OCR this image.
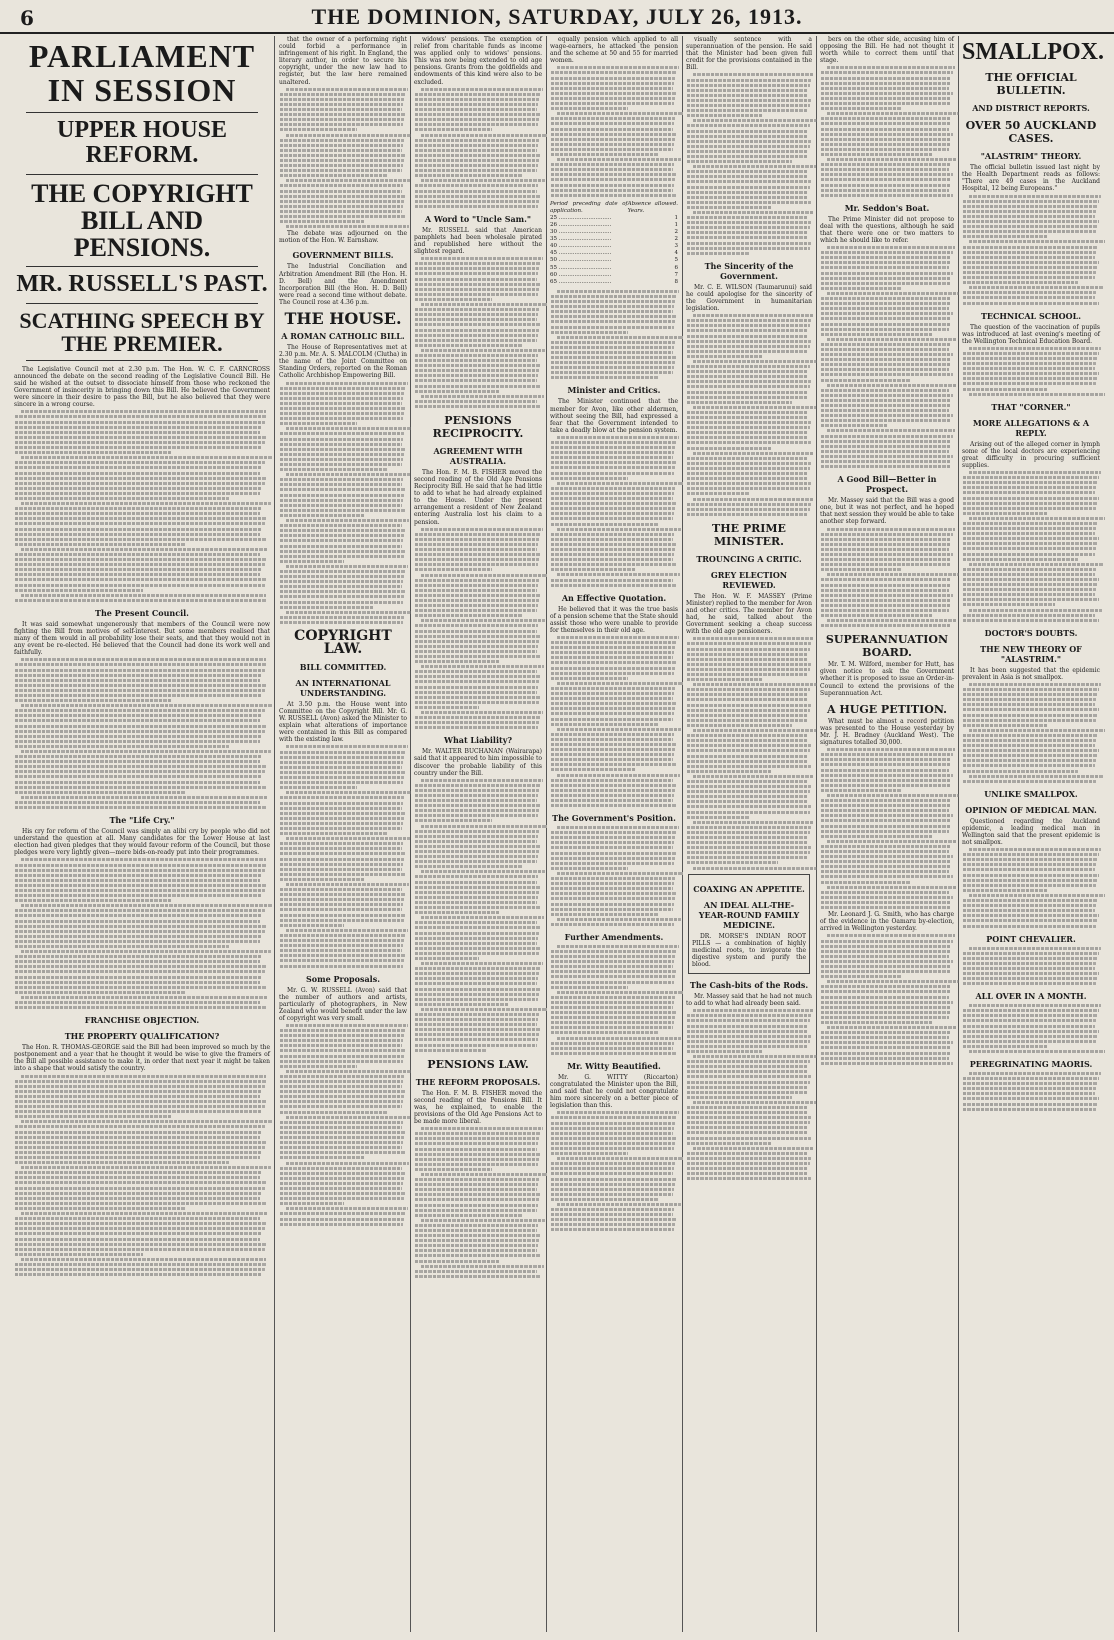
6	THE DOMINION, SATURDAY, JULY 26, 1913.
PARLIAMENT IN SESSION
UPPER HOUSE REFORM.
THE COPYRIGHT BILL AND PENSIONS.
MR. RUSSELL'S PAST.
SCATHING SPEECH BY THE PREMIER.

The Legislative Council met at 2.30 p.m. The Hon. W. C. F. CARNCROSS announced the debate on the second reading of the Legislative Council Bill. He said he wished at the outset to dissociate himself from those who reckoned the Government of insincerity in bringing down this Bill. He believed the Government were sincere in their desire to pass the Bill, but he also believed that they were sincere in a wrong course.

The Present Council.

It was said somewhat ungenerously that members of the Council were now fighting the Bill from motives of self-interest. But some members realised that many of them would in all probability lose their seats, and that they would not in any event be re-elected. He believed that the Council had done its work well and faithfully.

The "Life Cry."

His cry for reform of the Council was simply an alibi cry by people who did not understand the question at all. Many candidates for the Lower House at last election had given pledges that they would favour reform of the Council, but those pledges were very lightly given—mere bids-on-ready put into their programmes.

FRANCHISE OBJECTION.
THE PROPERTY QUALIFICATION?

The Hon. R. THOMAS-GEORGE said the Bill had been improved so much by the postponement and a year that he thought it would be wise to give the framers of the Bill all possible assistance to make it, in order that next year it might be taken into a shape that would satisfy the country.

that the owner of a performing right could forbid a performance in infringement of his right. In England, the literary author, in order to secure his copyright, under the new law had to register, but the law here remained unaltered.

The debate was adjourned on the motion of the Hon. W. Earnshaw.

GOVERNMENT BILLS.

The Industrial Conciliation and Arbitration Amendment Bill (the Hon. H. D. Bell) and the Amendment Incorporation Bill (the Hon. H. D. Bell) were read a second time without debate. The Council rose at 4.36 p.m.

THE HOUSE.
A ROMAN CATHOLIC BILL.

The House of Representatives met at 2.30 p.m. Mr. A. S. MALCOLM (Clutha) in the name of the Joint Committee on Standing Orders, reported on the Roman Catholic Archbishop Empowering Bill.

COPYRIGHT LAW.
BILL COMMITTED.
AN INTERNATIONAL UNDERSTANDING.

At 3.50 p.m. the House went into Committee on the Copyright Bill. Mr. G. W. RUSSELL (Avon) asked the Minister to explain what alterations of importance were contained in this Bill as compared with the existing law.

Some Proposals.

Mr. G. W. RUSSELL (Avon) said that the number of authors and artists, particularly of photographers, in New Zealand who would benefit under the law of copyright was very small.

widows' pensions. The exemption of relief from charitable funds as income was applied only to widows' pensions. This was now being extended to old age pensions. Grants from the goldfields and endowments of this kind were also to be excluded.

A Word to "Uncle Sam."

Mr. RUSSELL said that American pamphlets had been wholesale pirated and republished here without the slightest regard.

PENSIONS RECIPROCITY.
AGREEMENT WITH AUSTRALIA.

The Hon. F. M. B. FISHER moved the second reading of the Old Age Pensions Reciprocity Bill. He said that he had little to add to what he had already explained to the House. Under the present arrangement a resident of New Zealand entering Australia lost his claim to a pension.

What Liability?

Mr. WALTER BUCHANAN (Wairarapa) said that it appeared to him impossible to discover the probable liability of this country under the Bill.

PENSIONS LAW.
THE REFORM PROPOSALS.

The Hon. F. M. B. FISHER moved the second reading of the Pensions Bill. It was, he explained, to enable the provisions of the Old Age Pensions Act to be made more liberal.

equally pension which applied to all wage-earners, he attacked the pension and the scheme at 50 and 55 for married women.

Period preceding date of application.
Absence allowed. Years.
25 ..............................	1
26 ..............................	1
30 ..............................	2
35 ..............................	2
40 ..............................	3
45 ..............................	4
50 ..............................	5
55 ..............................	6
60 ..............................	7
65 ..............................	8
Minister and Critics.

The Minister continued that the member for Avon, like other aldermen, without seeing the Bill, had expressed a fear that the Government intended to take a deadly blow at the pension system.

An Effective Quotation.

He believed that it was the true basis of a pension scheme that the State should assist those who were unable to provide for themselves in their old age.

The Government's Position.
Further Amendments.
Mr. Witty Beautified.

Mr. G. WITTY (Riccarton) congratulated the Minister upon the Bill, and said that he could not congratulate him more sincerely on a better piece of legislation than this.

visually sentence with a superannuation of the pension. He said that the Minister had been given full credit for the provisions contained in the Bill.

The Sincerity of the Government.

Mr. C. E. WILSON (Taumarunui) said he could apologise for the sincerity of the Government in humanitarian legislation.

THE PRIME MINISTER.
TROUNCING A CRITIC.
GREY ELECTION REVIEWED.

The Hon. W. F. MASSEY (Prime Minister) replied to the member for Avon and other critics. The member for Avon had, he said, talked about the Government seeking a cheap success with the old age pensioners.

COAXING AN APPETITE.
AN IDEAL ALL-THE-YEAR-ROUND FAMILY MEDICINE.

DR. MORSE'S INDIAN ROOT PILLS — a combination of highly medicinal roots, to invigorate the digestive system and purify the blood.

The Cash-bits of the Rods.

Mr. Massey said that he had not much to add to what had already been said.

bers on the other side, accusing him of opposing the Bill. He had not thought it worth while to correct them until that stage.

Mr. Seddon's Boat.

The Prime Minister did not propose to deal with the questions, although he said that there were one or two matters to which he should like to refer.

A Good Bill—Better in Prospect.

Mr. Massey said that the Bill was a good one, but it was not perfect, and he hoped that next session they would be able to take another step forward.

SUPERANNUATION BOARD.

Mr. T. M. Wilford, member for Hutt, has given notice to ask the Government whether it is proposed to issue an Order-in-Council to extend the provisions of the Superannuation Act.

A HUGE PETITION.

What must be almost a record petition was presented to the House yesterday by Mr. J. H. Bradney (Auckland West). The signatures totalled 30,000.

Mr. Leonard J. G. Smith, who has charge of the evidence in the Oamaru by-election, arrived in Wellington yesterday.

SMALLPOX.
THE OFFICIAL BULLETIN.
AND DISTRICT REPORTS.
OVER 50 AUCKLAND CASES.
"ALASTRIM" THEORY.

The official bulletin issued last night by the Health Department reads as follows: "There are 49 cases in the Auckland Hospital, 12 being Europeans."

TECHNICAL SCHOOL.

The question of the vaccination of pupils was introduced at last evening's meeting of the Wellington Technical Education Board.

THAT "CORNER."
MORE ALLEGATIONS & A REPLY.

Arising out of the alleged corner in lymph some of the local doctors are experiencing great difficulty in procuring sufficient supplies.

DOCTOR'S DOUBTS.
THE NEW THEORY OF "ALASTRIM."

It has been suggested that the epidemic prevalent in Asia is not smallpox.

UNLIKE SMALLPOX.
OPINION OF MEDICAL MAN.

Questioned regarding the Auckland epidemic, a leading medical man in Wellington said that the present epidemic is not smallpox.

POINT CHEVALIER.
ALL OVER IN A MONTH.
PEREGRINATING MAORIS.
